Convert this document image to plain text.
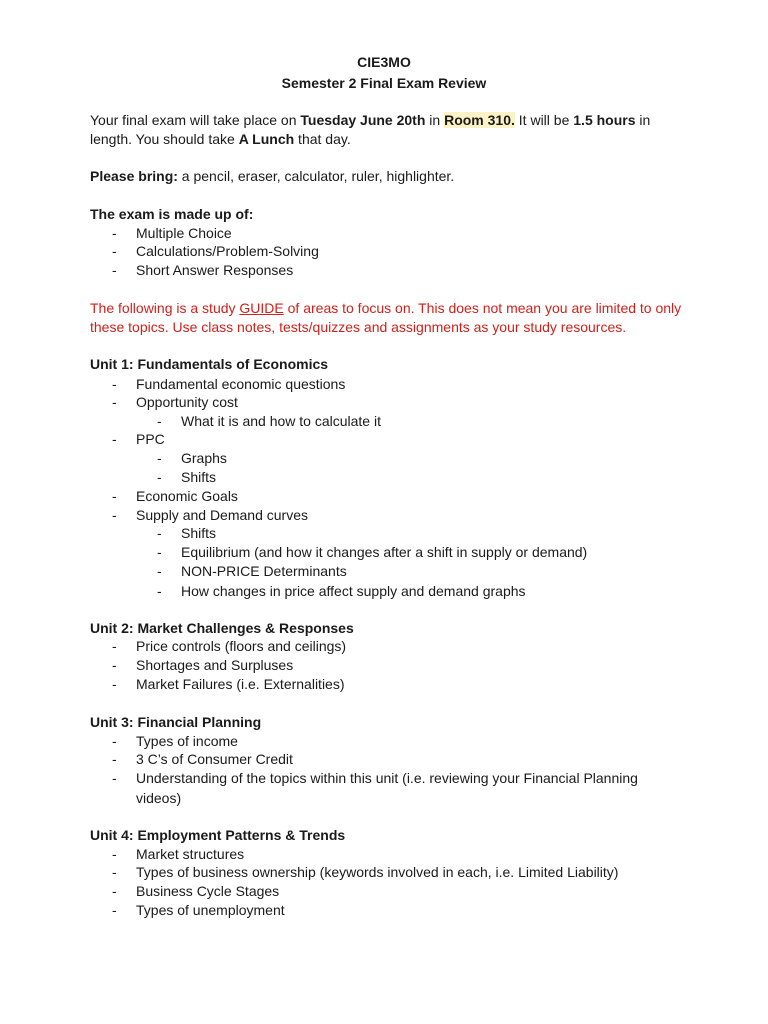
CIE3MO
Semester 2 Final Exam Review
Your final exam will take place on Tuesday June 20th in Room 310. It will be 1.5 hours in
length. You should take A Lunch that day.
Please bring: a pencil, eraser, calculator, ruler, highlighter.
The exam is made up of:
- Multiple Choice
- Calculations/Problem-Solving
- Short Answer Responses
The following is a study GUIDE of areas to focus on. This does not mean you are limited to only
these topics. Use class notes, tests/quizzes and assignments as your study resources.
Unit 1: Fundamentals of Economics
- Fundamental economic questions
- Opportunity cost
- What it is and how to calculate it
- PPC
- Graphs
- Shifts
- Economic Goals
- Supply and Demand curves
- Shifts
- Equilibrium (and how it changes after a shift in supply or demand)
- NON-PRICE Determinants
- How changes in price affect supply and demand graphs
Unit 2: Market Challenges & Responses
- Price controls (floors and ceilings)
- Shortages and Surpluses
- Market Failures (i.e. Externalities)
Unit 3: Financial Planning
- Types of income
- 3 C’s of Consumer Credit
- Understanding of the topics within this unit (i.e. reviewing your Financial Planning
videos)
Unit 4: Employment Patterns & Trends
- Market structures
- Types of business ownership (keywords involved in each, i.e. Limited Liability)
- Business Cycle Stages
- Types of unemployment
